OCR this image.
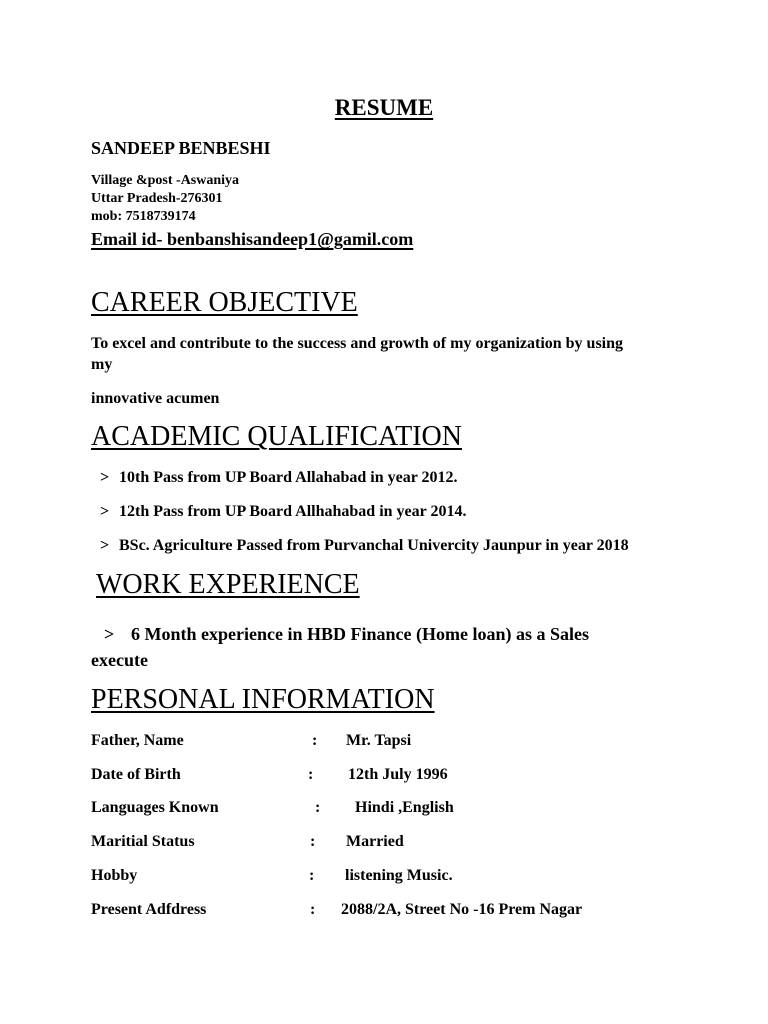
RESUME
SANDEEP BENBESHI
Village &post -Aswaniya
Uttar Pradesh-276301
mob: 7518739174
Email id- benbanshisandeep1@gamil.com
CAREER OBJECTIVE
To excel and contribute to the success and growth of my organization by using
my
innovative acumen
ACADEMIC QUALIFICATION
> 10th Pass from UP Board Allahabad in year 2012.
> 12th Pass from UP Board Allhahabad in year 2014.
> BSc. Agriculture Passed from Purvanchal Univercity Jaunpur in year 2018
WORK EXPERIENCE
> 6 Month experience in HBD Finance (Home loan) as a Sales
execute
PERSONAL INFORMATION
Father, Name	: Mr. Tapsi
Date of Birth	: 12th July 1996
Languages Known	: Hindi ,English
Maritial Status	: Married
Hobby	: listening Music.
Present Adfdress	: 2088/2A, Street No -16 Prem Nagar
